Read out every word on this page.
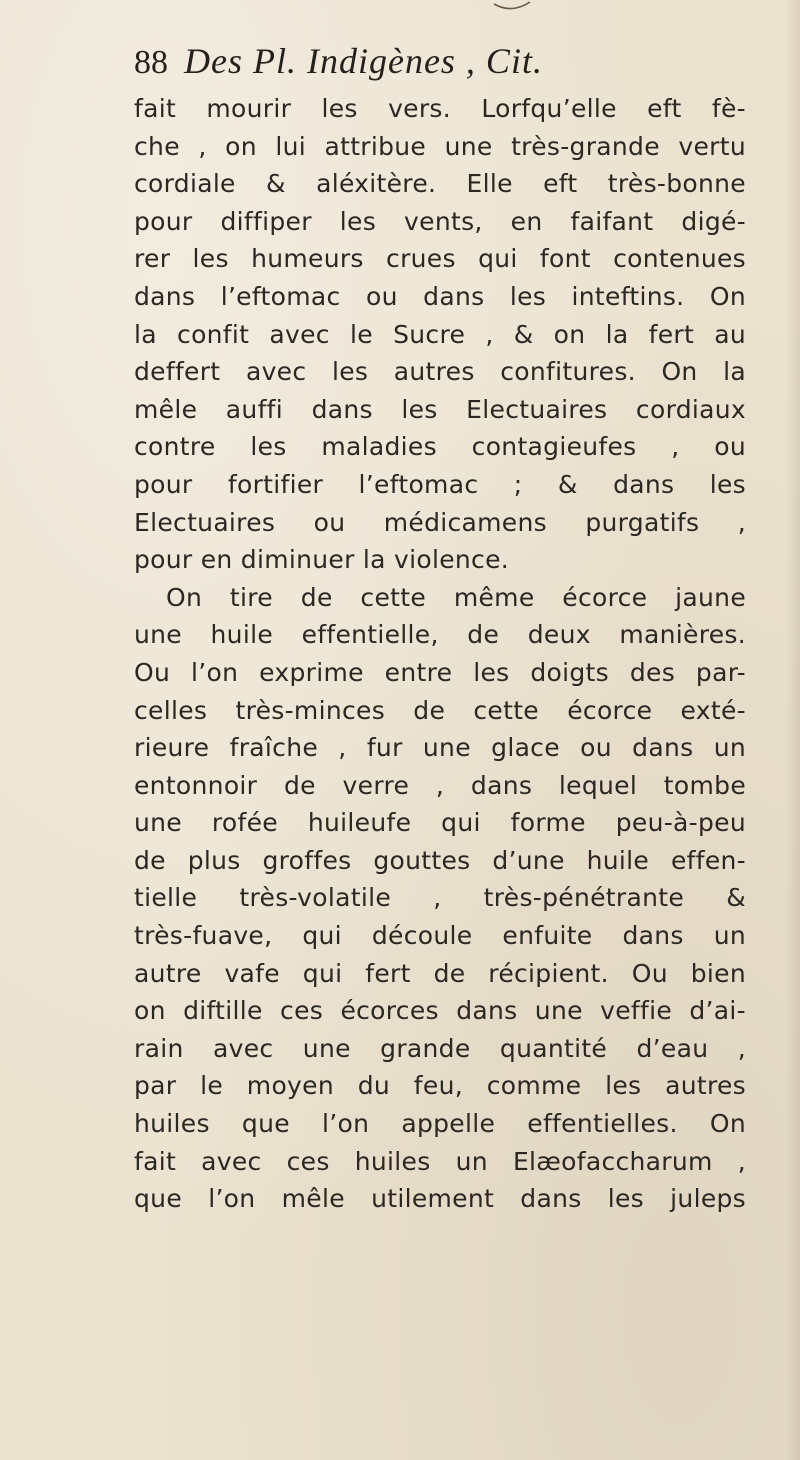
88 Des Pl. Indigènes , Cit.
fait mourir les vers. Lorfqu’elle eft fè-
che , on lui attribue une très-grande vertu
cordiale & aléxitère. Elle eft très-bonne
pour diffiper les vents, en faifant digé-
rer les humeurs crues qui font contenues
dans l’eftomac ou dans les inteftins. On
la confit avec le Sucre , & on la fert au
deffert avec les autres confitures. On la
mêle auffi dans les Electuaires cordiaux
contre les maladies contagieufes , ou
pour fortifier l’eftomac ; & dans les
Electuaires ou médicamens purgatifs ,
pour en diminuer la violence.
On tire de cette même écorce jaune
une huile effentielle, de deux manières.
Ou l’on exprime entre les doigts des par-
celles très-minces de cette écorce exté-
rieure fraîche , fur une glace ou dans un
entonnoir de verre , dans lequel tombe
une rofée huileufe qui forme peu-à-peu
de plus groffes gouttes d’une huile effen-
tielle très-volatile , très-pénétrante &
très-fuave, qui découle enfuite dans un
autre vafe qui fert de récipient. Ou bien
on diftille ces écorces dans une veffie d’ai-
rain avec une grande quantité d’eau ,
par le moyen du feu, comme les autres
huiles que l’on appelle effentielles. On
fait avec ces huiles un Elæofaccharum ,
que l’on mêle utilement dans les juleps
